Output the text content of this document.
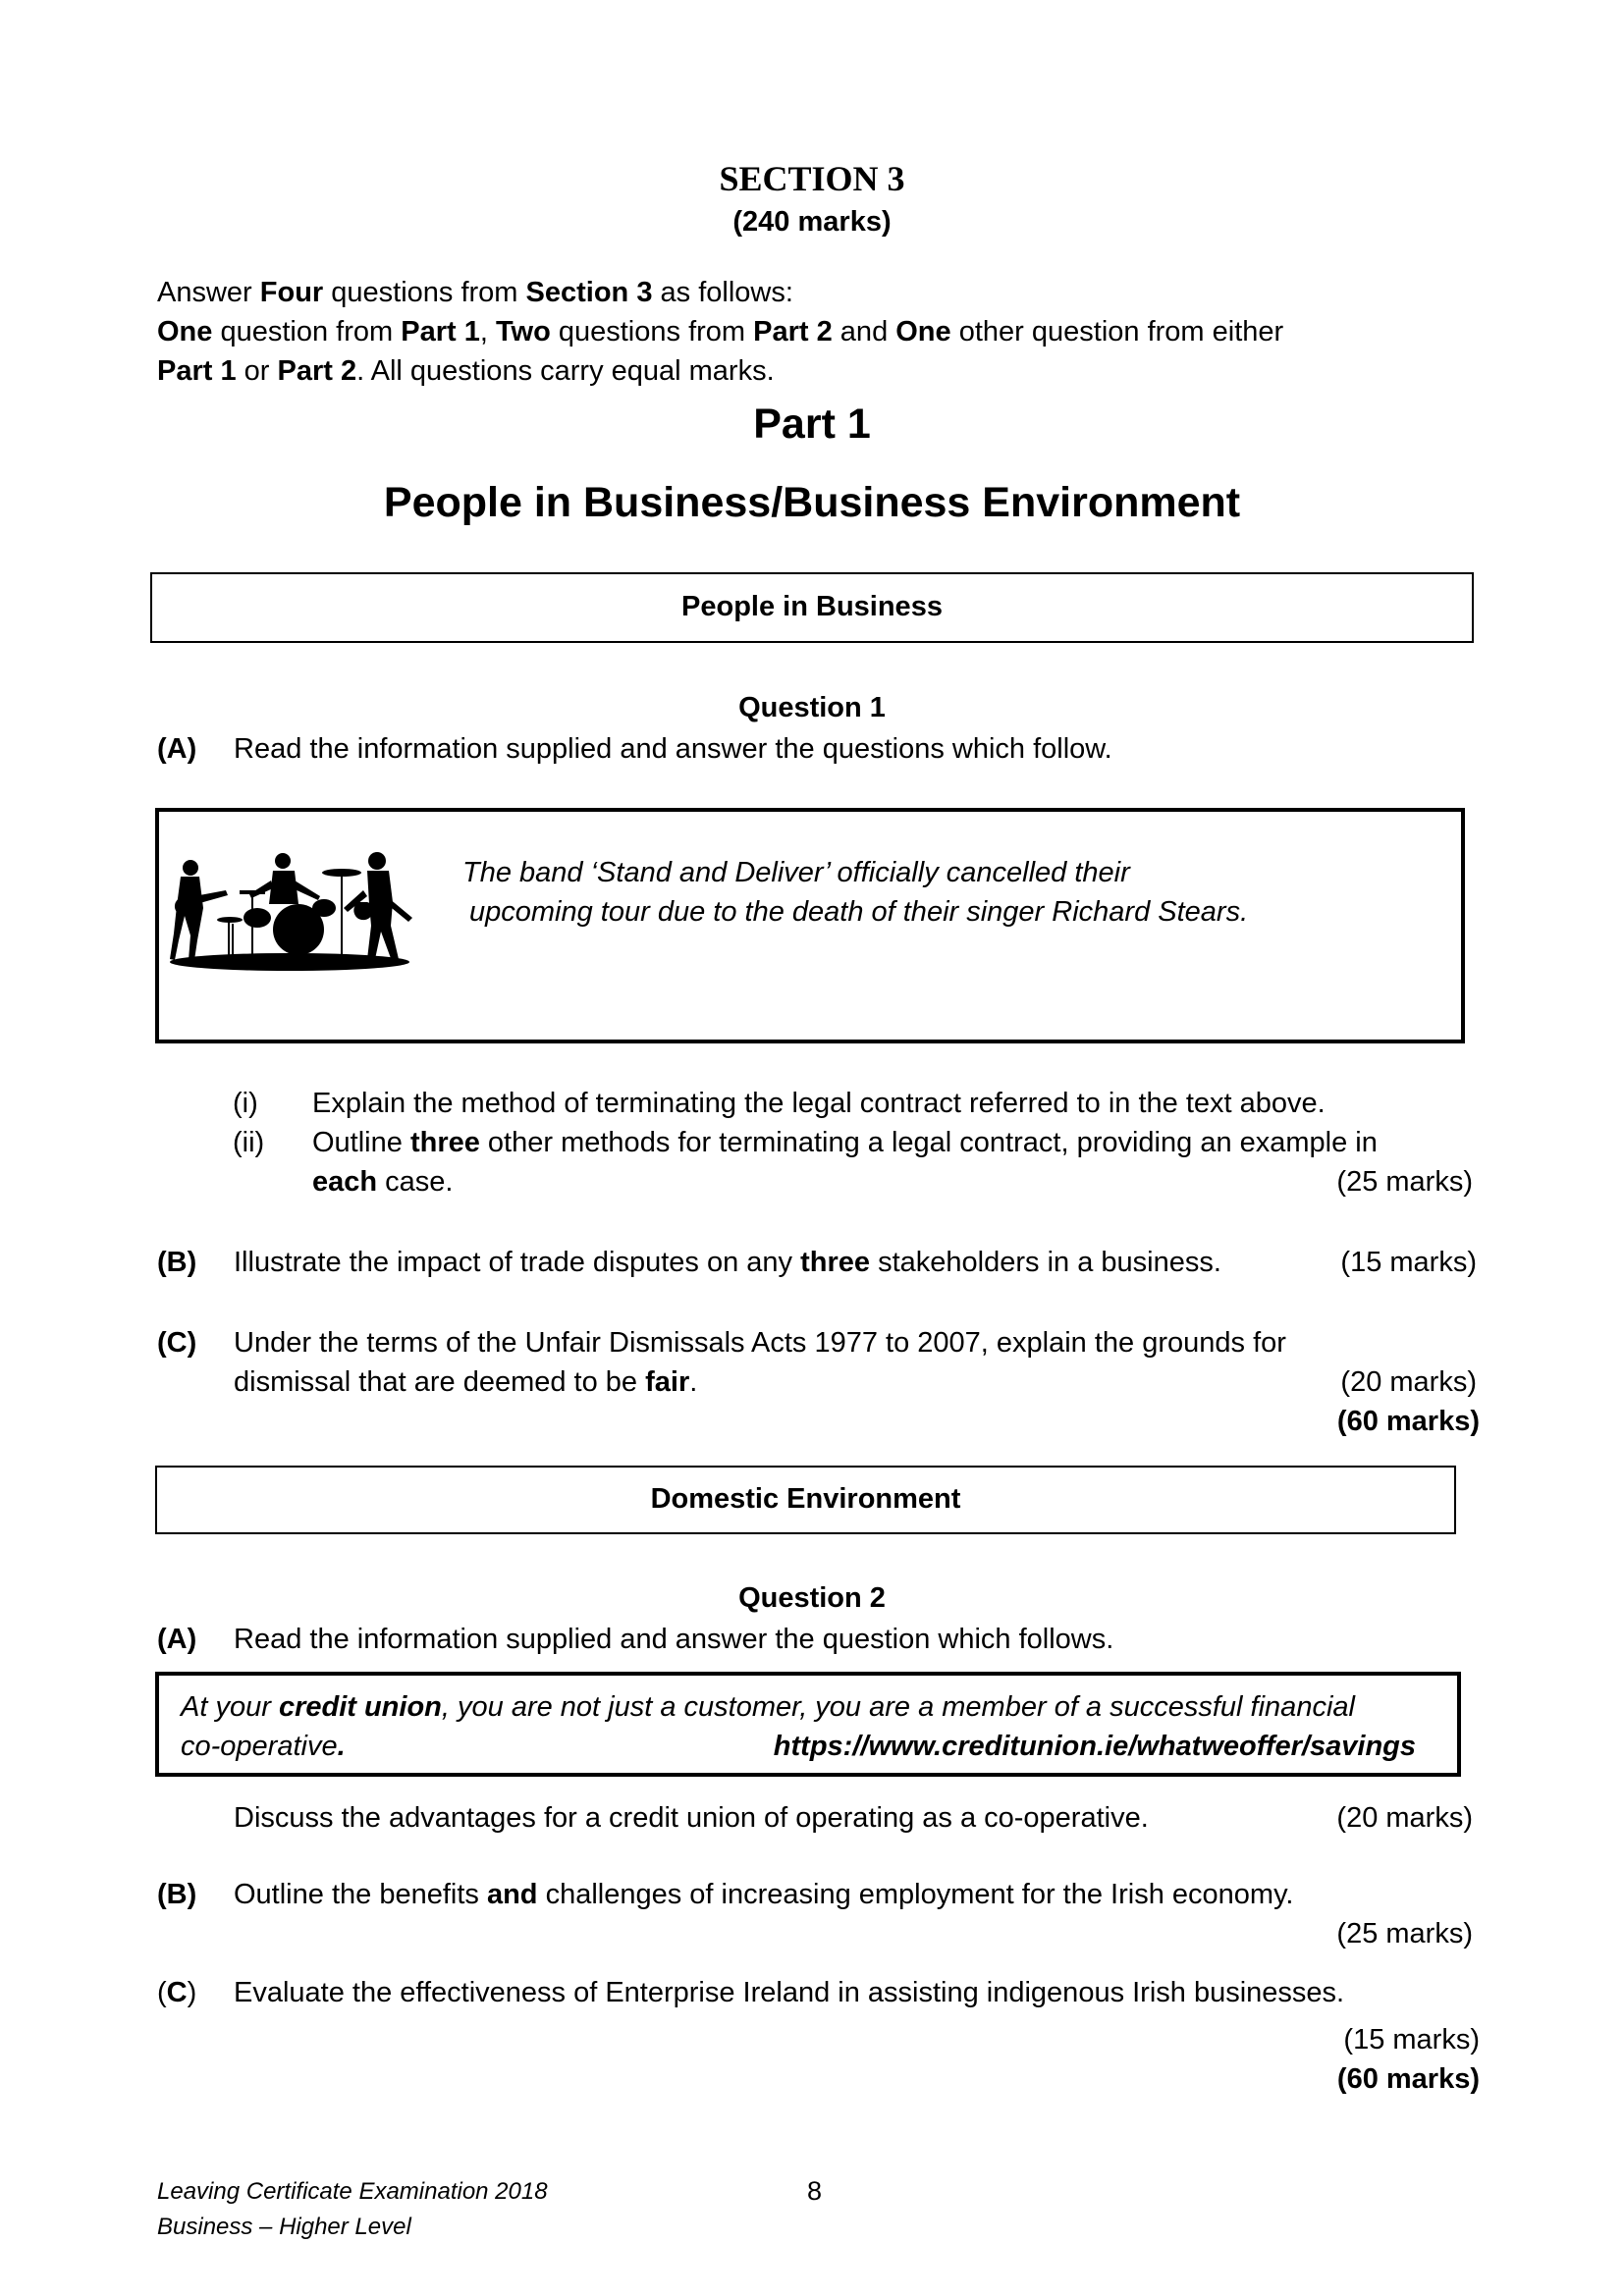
SECTION 3
(240 marks)
Answer Four questions from Section 3 as follows:
One question from Part 1, Two questions from Part 2 and One other question from either
Part 1 or Part 2. All questions carry equal marks.
Part 1
People in Business/Business Environment
People in Business
Question 1
(A) Read the information supplied and answer the questions which follow.
The band ‘Stand and Deliver’ officially cancelled their
upcoming tour due to the death of their singer Richard Stears.
(i) Explain the method of terminating the legal contract referred to in the text above.
(ii) Outline three other methods for terminating a legal contract, providing an example in
each case.	(25 marks)
(B) Illustrate the impact of trade disputes on any three stakeholders in a business.	(15 marks)
(C) Under the terms of the Unfair Dismissals Acts 1977 to 2007, explain the grounds for
dismissal that are deemed to be fair.	(20 marks)
(60 marks)
Domestic Environment
Question 2
(A) Read the information supplied and answer the question which follows.
At your credit union, you are not just a customer, you are a member of a successful financial
co-operative.	https://www.creditunion.ie/whatweoffer/savings
Discuss the advantages for a credit union of operating as a co-operative.	(20 marks)
(B) Outline the benefits and challenges of increasing employment for the Irish economy.
(25 marks)
(C) Evaluate the effectiveness of Enterprise Ireland in assisting indigenous Irish businesses.
(15 marks)
(60 marks)
Leaving Certificate Examination 2018
Business – Higher Level
8
